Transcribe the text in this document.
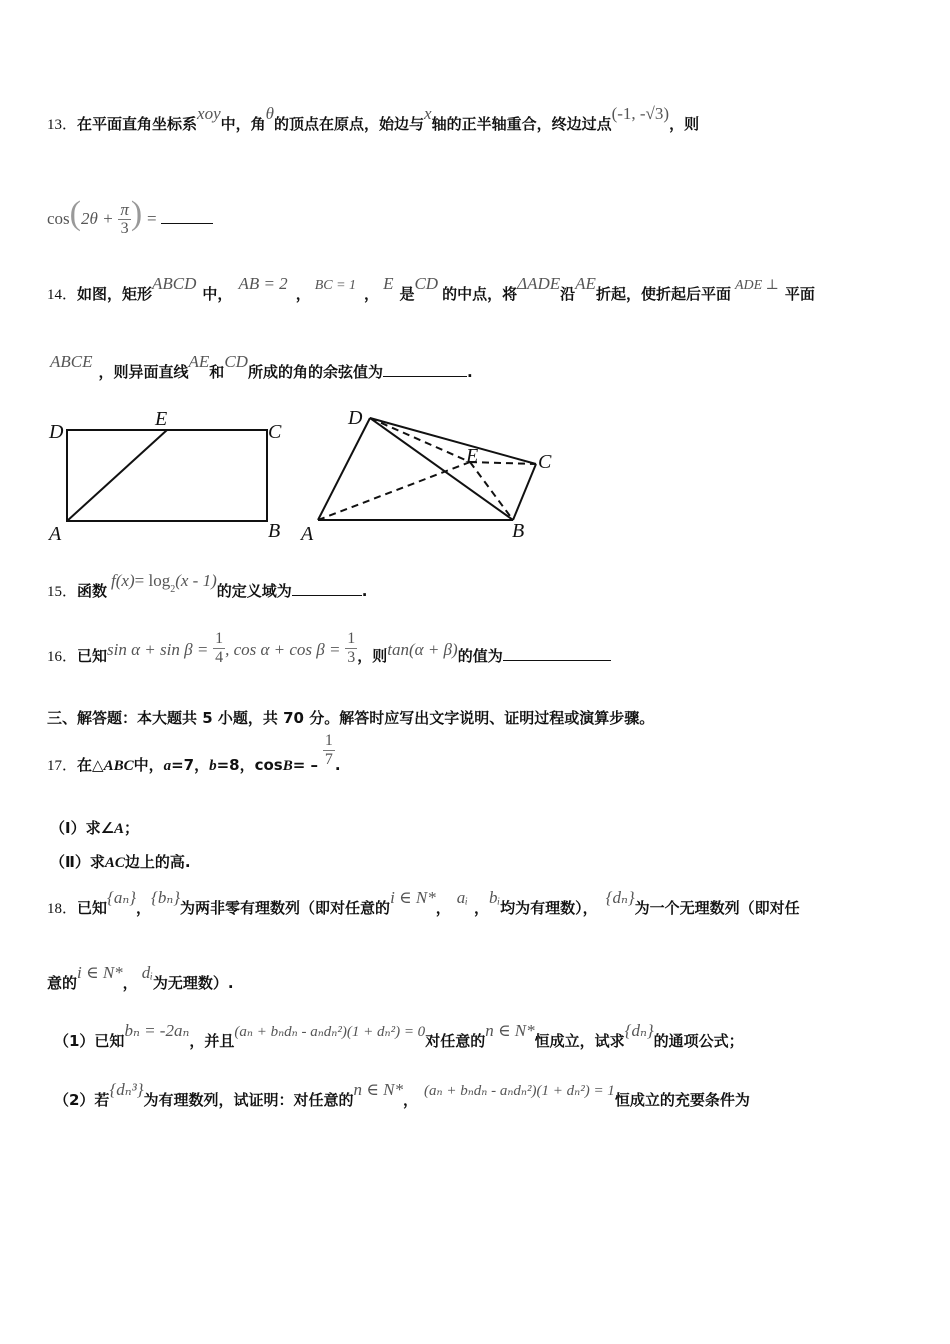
13．在平面直角坐标系xoy中，角θ的顶点在原点，始边与x轴的正半轴重合，终边过点(-1, -√3)，则
$\cos(2\theta + \frac{\pi}{3}$ ) =
14．如图，矩形ABCD中，AB = 2， BC = 1 ，E是CD的中点，将ΔADE沿AE折起，使折起后平面 ADE ⊥ 平面
ABCE，则异面直线AE和CD所成的角的余弦值为	.
D
E
C
A	B
D
E	C
A	B
15．函数$f(x)= \log^2(x - 1)$的定义域为	.
16．已知$\sin \alpha + \sin \beta = \frac{1}{4}$ , $\cos \alpha + \cos \beta = \frac{1}{3}$ ，则tan(α + β)的值为
三、解答题：本大题共 5 小题，共 70 分。解答时应写出文字说明、证明过程或演算步骤。
17．在△ABC中，a=7，b=8，$\cos B= - \frac{1}{7}$ .
（Ⅰ）求∠A；
（Ⅱ）求AC边上的高.
18．已知{aₙ}，{bₙ}为两非零有理数列（即对任意的i ∈ N*，aᵢ，bᵢ均为有理数），{dₙ}为一个无理数列（即对任
意的i ∈ N*，dᵢ为无理数）.
（1）已知bₙ = -2aₙ，并且(aₙ + bₙdₙ - aₙdₙ²)(1 + dₙ²) = 0对任意的n ∈ N*恒成立，试求{dₙ}的通项公式；
（2）若{dₙ³}为有理数列，试证明：对任意的n ∈ N*， (aₙ + bₙdₙ - aₙdₙ²)(1 + dₙ²) = 1恒成立的充要条件为
